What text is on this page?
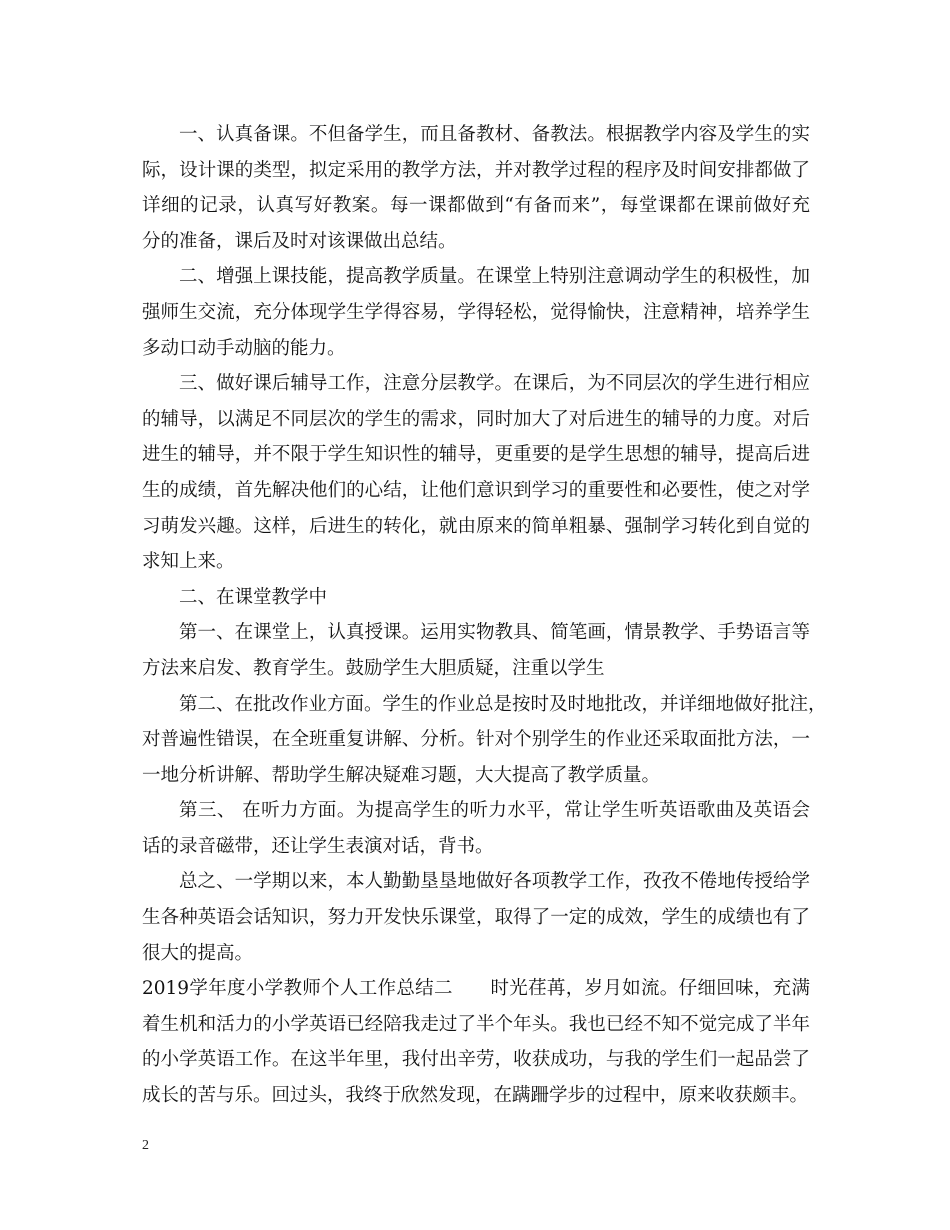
一、认真备课。不但备学生，而且备教材、备教法。根据教学内容及学生的实
际，设计课的类型，拟定采用的教学方法，并对教学过程的程序及时间安排都做了
详细的记录，认真写好教案。每一课都做到“有备而来”，每堂课都在课前做好充
分的准备，课后及时对该课做出总结。
二、增强上课技能，提高教学质量。在课堂上特别注意调动学生的积极性，加
强师生交流，充分体现学生学得容易，学得轻松，觉得愉快，注意精神，培养学生
多动口动手动脑的能力。
三、做好课后辅导工作，注意分层教学。在课后，为不同层次的学生进行相应
的辅导，以满足不同层次的学生的需求，同时加大了对后进生的辅导的力度。对后
进生的辅导，并不限于学生知识性的辅导，更重要的是学生思想的辅导，提高后进
生的成绩，首先解决他们的心结，让他们意识到学习的重要性和必要性，使之对学
习萌发兴趣。这样，后进生的转化，就由原来的简单粗暴、强制学习转化到自觉的
求知上来。
二、在课堂教学中
第一、在课堂上，认真授课。运用实物教具、简笔画，情景教学、手势语言等
方法来启发、教育学生。鼓励学生大胆质疑，注重以学生
第二、在批改作业方面。学生的作业总是按时及时地批改，并详细地做好批注，
对普遍性错误，在全班重复讲解、分析。针对个别学生的作业还采取面批方法，一
一地分析讲解、帮助学生解决疑难习题，大大提高了教学质量。
第三、 在听力方面。为提高学生的听力水平，常让学生听英语歌曲及英语会
话的录音磁带，还让学生表演对话，背书。
总之、一学期以来，本人勤勤垦垦地做好各项教学工作，孜孜不倦地传授给学
生各种英语会话知识，努力开发快乐课堂，取得了一定的成效，学生的成绩也有了
很大的提高。
2019学年度小学教师个人工作总结二　　时光荏苒，岁月如流。仔细回味，充满
着生机和活力的小学英语已经陪我走过了半个年头。我也已经不知不觉完成了半年
的小学英语工作。在这半年里，我付出辛劳，收获成功，与我的学生们一起品尝了
成长的苦与乐。回过头，我终于欣然发现，在蹒跚学步的过程中，原来收获颇丰。
2
